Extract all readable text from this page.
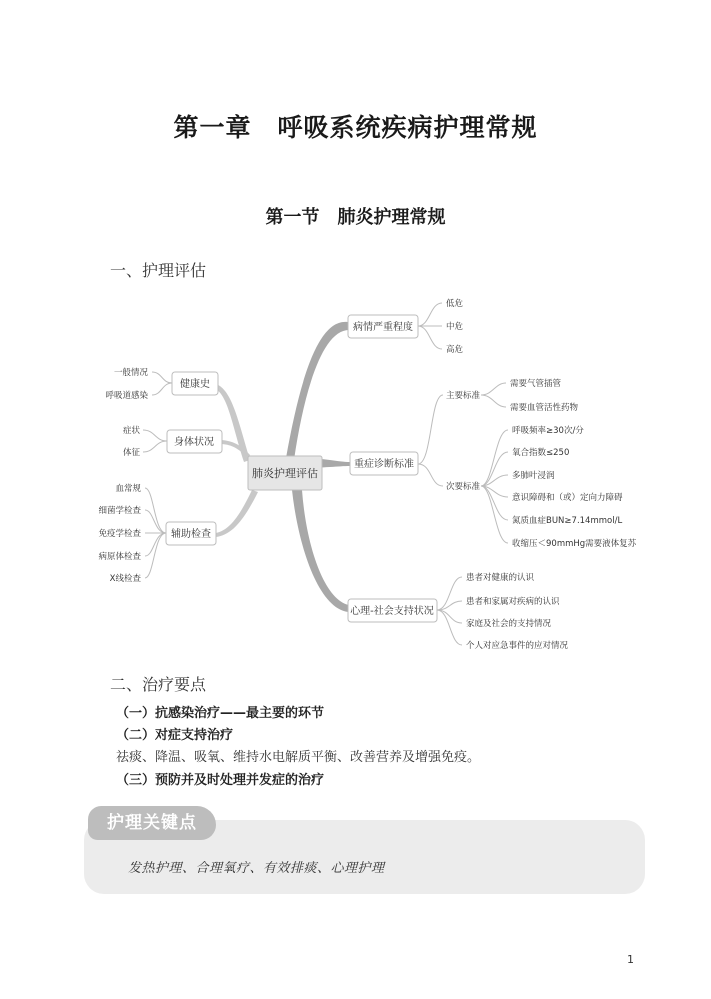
第一章　呼吸系统疾病护理常规
第一节　肺炎护理常规
一、护理评估
肺炎护理评估
健康史
身体状况
辅助检查
一般情况
呼吸道感染
症状
体征
血常规
细菌学检查
免疫学检查
病原体检查
X线检查
病情严重程度
重症诊断标准
心理-社会支持状况
低危
中危
高危
主要标准
次要标准
需要气管插管
需要血管活性药物
呼吸频率≥30次/分
氧合指数≤250
多肺叶浸润
意识障碍和（或）定向力障碍
氮质血症BUN≥7.14mmol/L
收缩压＜90mmHg需要液体复苏
患者对健康的认识
患者和家属对疾病的认识
家庭及社会的支持情况
个人对应急事件的应对情况
二、治疗要点
（一）抗感染治疗——最主要的环节
（二）对症支持治疗
祛痰、降温、吸氧、维持水电解质平衡、改善营养及增强免疫。
（三）预防并及时处理并发症的治疗
护理关键点
发热护理、合理氧疗、有效排痰、心理护理
1
